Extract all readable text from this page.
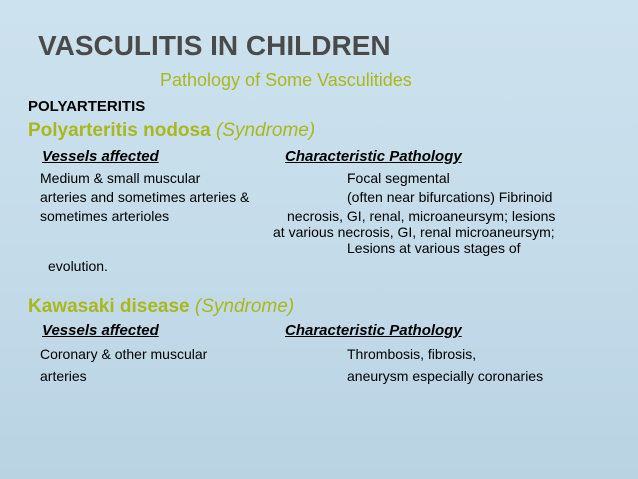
VASCULITIS IN CHILDREN
Pathology of Some Vasculitides
POLYARTERITIS
Polyarteritis nodosa (Syndrome)
Vessels affected	Characteristic Pathology
Medium & small muscular
arteries and sometimes arteries &
sometimes arterioles
evolution.
Focal segmental
(often near bifurcations) Fibrinoid
necrosis, GI, renal, microaneursym; lesions
at various necrosis, GI, renal microaneursym;
Lesions at various stages of
Kawasaki disease (Syndrome)
Vessels affected	Characteristic Pathology
Coronary & other muscular
arteries
Thrombosis, fibrosis,
aneurysm especially coronaries
